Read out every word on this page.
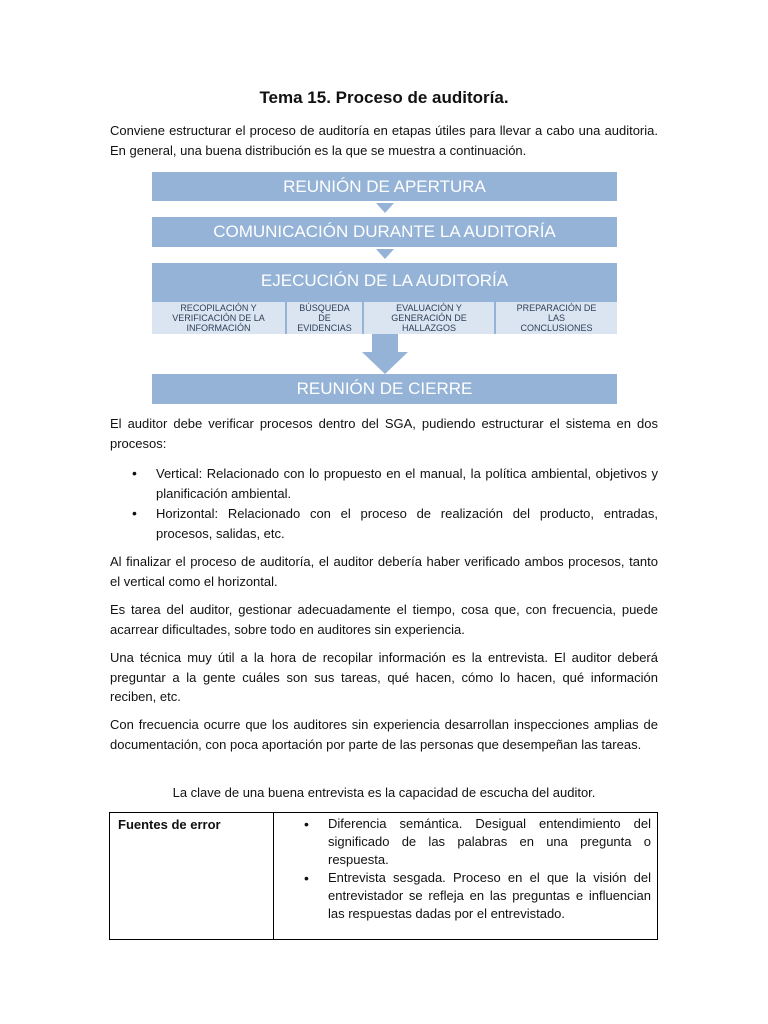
Tema 15. Proceso de auditoría.

Conviene estructurar el proceso de auditoría en etapas útiles para llevar a cabo una auditoria. En general, una buena distribución es la que se muestra a continuación.

REUNIÓN DE APERTURA
COMUNICACIÓN DURANTE LA AUDITORÍA
EJECUCIÓN DE LA AUDITORÍA
RECOPILACIÓN Y
VERIFICACIÓN DE LA
INFORMACIÓN
BÚSQUEDA
DE
EVIDENCIAS
EVALUACIÓN Y
GENERACIÓN DE
HALLAZGOS
PREPARACIÓN DE
LAS
CONCLUSIONES
REUNIÓN DE CIERRE

El auditor debe verificar procesos dentro del SGA, pudiendo estructurar el sistema en dos procesos:

• Vertical: Relacionado con lo propuesto en el manual, la política ambiental, objetivos y planificación ambiental.
• Horizontal: Relacionado con el proceso de realización del producto, entradas, procesos, salidas, etc.

Al finalizar el proceso de auditoría, el auditor debería haber verificado ambos procesos, tanto el vertical como el horizontal.

Es tarea del auditor, gestionar adecuadamente el tiempo, cosa que, con frecuencia, puede acarrear dificultades, sobre todo en auditores sin experiencia.

Una técnica muy útil a la hora de recopilar información es la entrevista. El auditor deberá preguntar a la gente cuáles son sus tareas, qué hacen, cómo lo hacen, qué información reciben, etc.

Con frecuencia ocurre que los auditores sin experiencia desarrollan inspecciones amplias de documentación, con poca aportación por parte de las personas que desempeñan las tareas.

La clave de una buena entrevista es la capacidad de escucha del auditor.

Fuentes de error
•	Diferencia semántica. Desigual entendimiento del significado de las palabras en una pregunta o respuesta.
• Entrevista sesgada. Proceso en el que la visión del entrevistador se refleja en las preguntas e influencian las respuestas dadas por el entrevistado.
